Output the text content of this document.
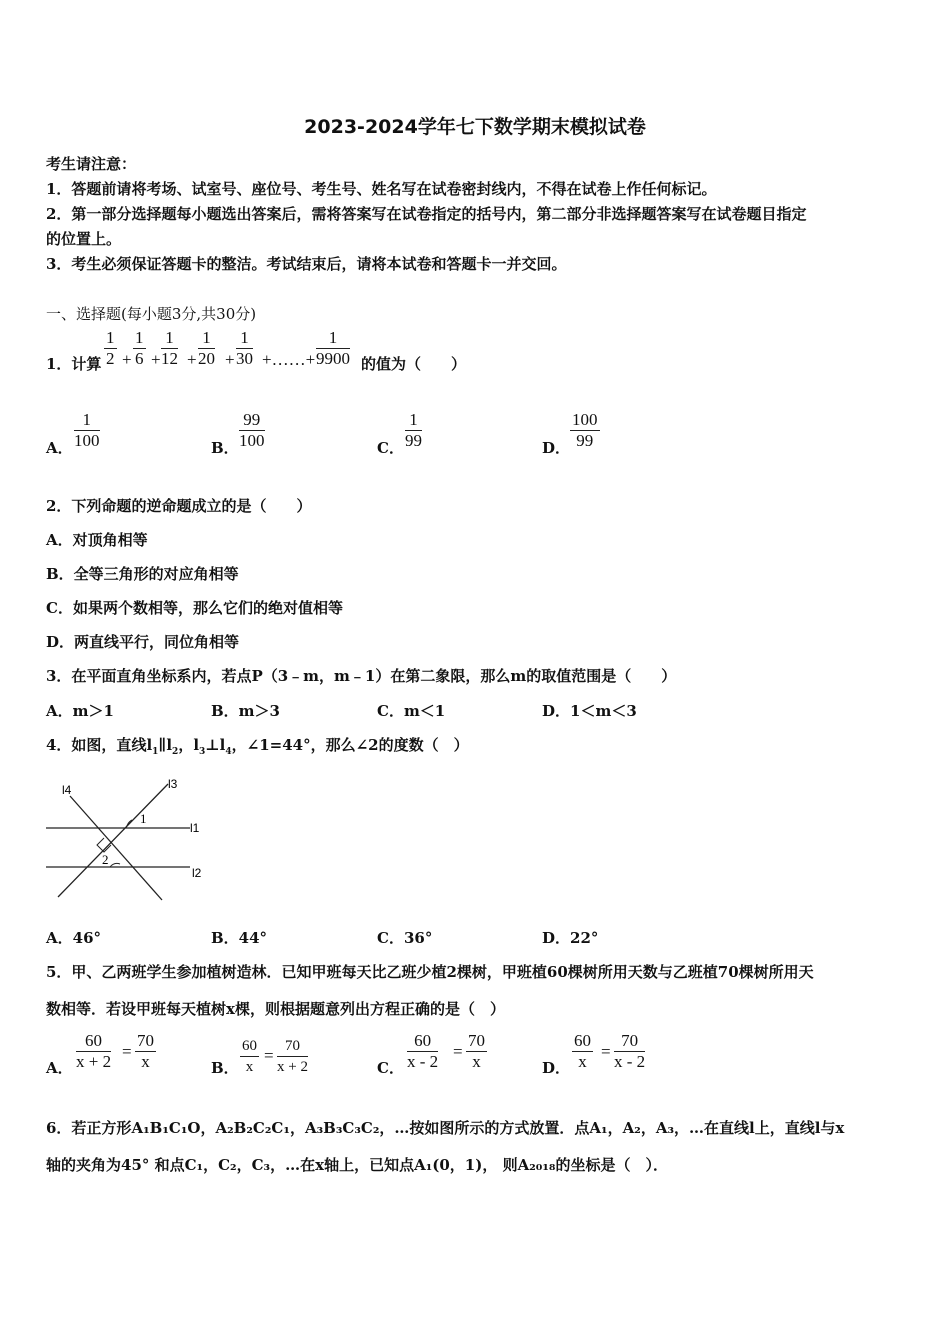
2023-2024学年七下数学期末模拟试卷
考生请注意：
1．答题前请将考场、试室号、座位号、考生号、姓名写在试卷密封线内，不得在试卷上作任何标记。
2．第一部分选择题每小题选出答案后，需将答案写在试卷指定的括号内，第二部分非选择题答案写在试卷题目指定
的位置上。
3．考生必须保证答题卡的整洁。考试结束后，请将本试卷和答题卡一并交回。
一、选择题(每小题3分,共30分)
1．计算 $\frac{1}{2} + \frac{1}{6} + \frac{1}{12} + \frac{1}{20} + \frac{1}{30}$ +……+ $\frac{1}{9900}$ 的值为（　　）
A． $\frac{1}{100}$	B． $\frac{99}{100}$	C． $\frac{1}{99}$	D． $\frac{100}{99}$
2．下列命题的逆命题成立的是（　　）
A．对顶角相等
B．全等三角形的对应角相等
C．如果两个数相等，那么它们的绝对值相等
D．两直线平行，同位角相等
3．在平面直角坐标系内，若点P（3﹣m，m﹣1）在第二象限，那么m的取值范围是（　　）
A．m＞1	B．m＞3	C．m＜1	D．1＜m＜3
4．如图，直线$l_1\parallel l_2$，$l_3\perp l_4$，∠1=44°，那么∠2的度数（　）
l4	l3
l1
l2
1
2
A．46°	B．44°	C．36°	D．22°
5．甲、乙两班学生参加植树造林．已知甲班每天比乙班少植2棵树，甲班植60棵树所用天数与乙班植70棵树所用天
数相等．若设甲班每天植树x棵，则根据题意列出方程正确的是（　）
A． $\frac{60}{x + 2} = \frac{70}{x}$	B． $\frac{60}{x} = \frac{70}{x + 2}$	C． $\frac{60}{x - 2} = \frac{70}{x}$	D． $\frac{60}{x} = \frac{70}{x - 2}$
6．若正方形A₁B₁C₁O，A₂B₂C₂C₁，A₃B₃C₃C₂，…按如图所示的方式放置．点A₁，A₂，A₃，…在直线l上，直线l与x
轴的夹角为45° 和点C₁，C₂，C₃，…在x轴上，已知点A₁(0，1)， 则A₂₀₁₈的坐标是（　）．
